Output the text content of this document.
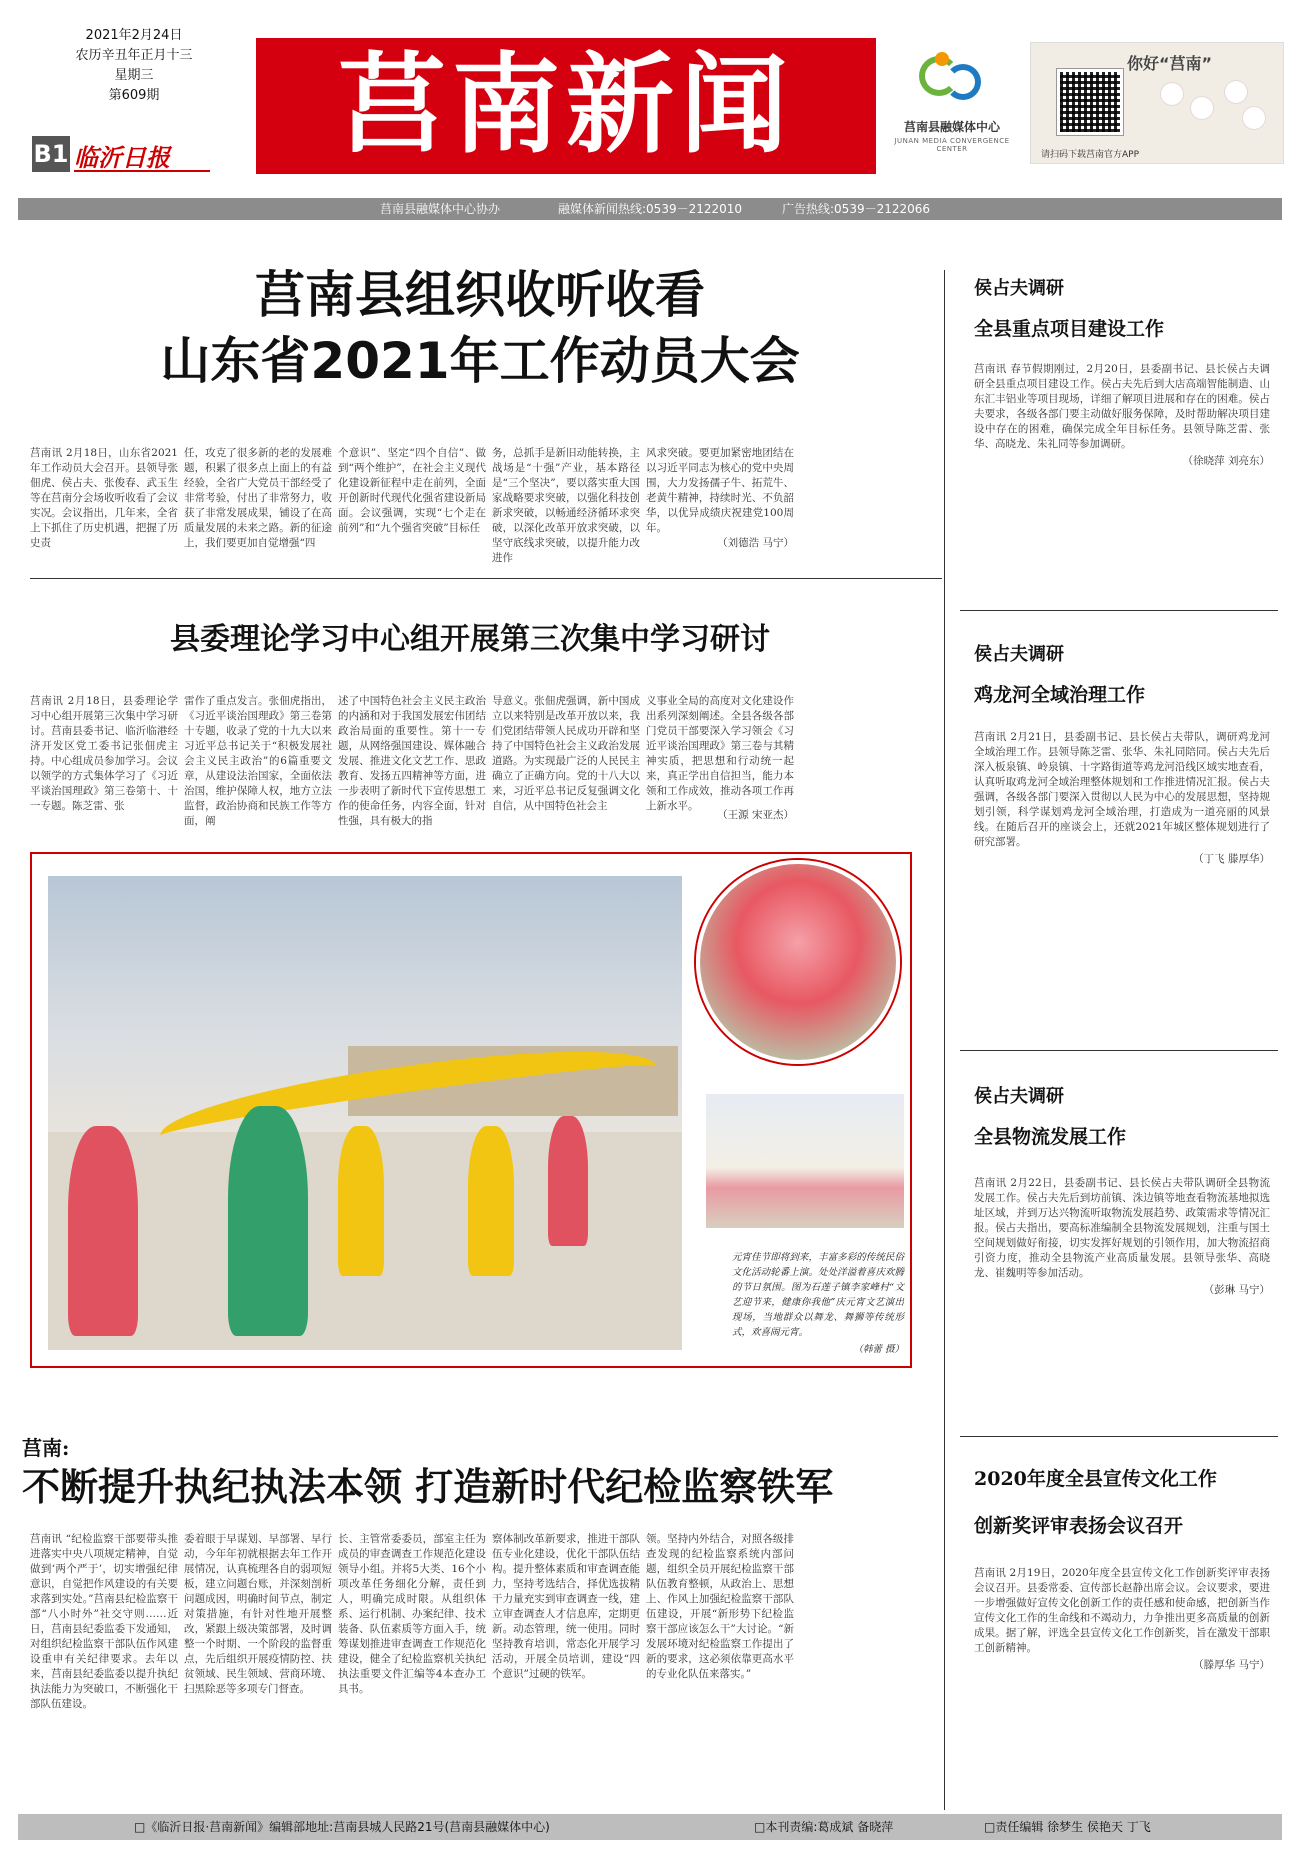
2021年2月24日
农历辛丑年正月十三
星期三
第609期
B1 临沂日报	莒南新闻	莒南县融媒体中心
JUNAN MEDIA CONVERGENCE CENTER
你好“莒南”
请扫码下载莒南官方APP
莒南县融媒体中心协办	融媒体新闻热线:0539－2122010	广告热线:0539－2122066
莒南县组织收听收看
山东省2021年工作动员大会
莒南讯 2月18日，山东省2021年工作动员大会召开。县领导张佃虎、侯占夫、张俊春、武玉生等在莒南分会场收听收看了会议实况。会议指出，几年来，全省上下抓住了历史机遇，把握了历史责
任，攻克了很多新的老的发展难题，积累了很多点上面上的有益经验，全省广大党员干部经受了非常考验，付出了非常努力，收获了非常发展成果，铺设了在高质量发展的未来之路。新的征途上，我们要更加自觉增强“四
个意识”、坚定“四个自信”、做到“两个维护”，在社会主义现代化建设新征程中走在前列，全面开创新时代现代化强省建设新局面。会议强调，实现“七个走在前列”和“九个强省突破”目标任
务，总抓手是新旧动能转换，主战场是“十强”产业，基本路径是“三个坚决”，要以落实重大国家战略要求突破，以强化科技创新求突破，以畅通经济循环求突破，以深化改革开放求突破，以坚守底线求突破，以提升能力改进作
风求突破。要更加紧密地团结在以习近平同志为核心的党中央周围，大力发扬孺子牛、拓荒牛、老黄牛精神，持续时光、不负韶华，以优异成绩庆祝建党100周年。
（刘德浩 马宁）
县委理论学习中心组开展第三次集中学习研讨
莒南讯 2月18日，县委理论学习中心组开展第三次集中学习研讨。莒南县委书记、临沂临港经济开发区党工委书记张佃虎主持。中心组成员参加学习。会议以领学的方式集体学习了《习近平谈治国理政》第三卷第十、十一专题。陈芝雷、张
雷作了重点发言。张佃虎指出，《习近平谈治国理政》第三卷第十专题，收录了党的十九大以来习近平总书记关于“积极发展社会主义民主政治”的6篇重要文章，从建设法治国家，全面依法治国，维护保障人权，地方立法监督，政治协商和民族工作等方面，阐
述了中国特色社会主义民主政治的内涵和对于我国发展宏伟团结政治局面的重要性。第十一专题，从网络强国建设、媒体融合发展、推进文化文艺工作、思政教育、发扬五四精神等方面，进一步表明了新时代下宣传思想工作的使命任务，内容全面，针对性强，具有极大的指
导意义。张佃虎强调，新中国成立以来特别是改革开放以来，我们党团结带领人民成功开辟和坚持了中国特色社会主义政治发展道路。为实现最广泛的人民民主确立了正确方向。党的十八大以来，习近平总书记反复强调文化自信，从中国特色社会主
义事业全局的高度对文化建设作出系列深刻阐述。全县各级各部门党员干部要深入学习领会《习近平谈治国理政》第三卷与其精神实质，把思想和行动统一起来，真正学出自信担当，能力本领和工作成效，推动各项工作再上新水平。
（王源 宋亚杰）
元宵佳节即将到来，丰富多彩的传统民俗文化活动轮番上演。处处洋溢着喜庆欢腾的节日氛围。图为石莲子镇李家峰村“文艺迎节来，健康你我他”庆元宵文艺演出现场，当地群众以舞龙、舞狮等传统形式，欢喜闹元宵。
（韩蕾 摄）
莒南:
不断提升执纪执法本领 打造新时代纪检监察铁军
莒南讯 “纪检监察干部要带头推进落实中央八项规定精神，自觉做到‘两个严于’，切实增强纪律意识，自觉把作风建设的有关要求落到实处。”莒南县纪检监察干部“八小时外”社交守则……近日，莒南县纪委监委下发通知，对组织纪检监察干部队伍作风建设重申有关纪律要求。去年以来，莒南县纪委监委以提升执纪执法能力为突破口，不断强化干部队伍建设。
委着眼于早谋划、早部署、早行动，今年年初就根据去年工作开展情况，认真梳理各自的弱项短板，建立问题台账，并深刻剖析问题成因，明确时间节点，制定对策措施，有针对性地开展整改，紧跟上级决策部署，及时调整一个时期、一个阶段的监督重点，先后组织开展疫情防控、扶贫领域、民生领域、营商环境、扫黑除恶等多项专门督查。
长、主管常委委员，部室主任为成员的审查调查工作规范化建设领导小组。并将5大类、16个小项改革任务细化分解，责任到人，明确完成时限。从组织体系、运行机制、办案纪律、技术装备、队伍素质等方面入手，统筹谋划推进审查调查工作规范化建设，健全了纪检监察机关执纪执法重要文件汇编等4本查办工具书。
察体制改革新要求，推进干部队伍专业化建设，优化干部队伍结构。提升整体素质和审查调查能力，坚持考选结合，择优选拔精干力量充实到审查调查一线，建立审查调查人才信息库，定期更新。动态管理，统一使用。同时坚持教育培训，常态化开展学习活动，开展全员培训，建设“四个意识”过硬的铁军。
领。坚持内外结合，对照各级排查发现的纪检监察系统内部问题，组织全员开展纪检监察干部队伍教育整顿，从政治上、思想上、作风上加强纪检监察干部队伍建设，开展“新形势下纪检监察干部应该怎么干”大讨论。“新发展环境对纪检监察工作提出了新的要求，这必须依靠更高水平的专业化队伍来落实。”
侯占夫调研
全县重点项目建设工作
莒南讯 春节假期刚过，2月20日，县委副书记、县长侯占夫调研全县重点项目建设工作。侯占夫先后到大店高端智能制造、山东汇丰铝业等项目现场，详细了解项目进展和存在的困难。侯占夫要求，各级各部门要主动做好服务保障，及时帮助解决项目建设中存在的困难，确保完成全年目标任务。县领导陈芝雷、张华、高晓龙、朱礼同等参加调研。
（徐晓萍 刘亮东）
侯占夫调研
鸡龙河全域治理工作
莒南讯 2月21日，县委副书记、县长侯占夫带队，调研鸡龙河全域治理工作。县领导陈芝雷、张华、朱礼同陪同。侯占夫先后深入板泉镇、岭泉镇、十字路街道等鸡龙河沿线区域实地查看，认真听取鸡龙河全域治理整体规划和工作推进情况汇报。侯占夫强调，各级各部门要深入贯彻以人民为中心的发展思想，坚持规划引领，科学谋划鸡龙河全域治理，打造成为一道亮丽的风景线。在随后召开的座谈会上，还就2021年城区整体规划进行了研究部署。
（丁飞 滕厚华）
侯占夫调研
全县物流发展工作
莒南讯 2月22日，县委副书记、县长侯占夫带队调研全县物流发展工作。侯占夫先后到坊前镇、洙边镇等地查看物流基地拟选址区域，并到万达兴物流听取物流发展趋势、政策需求等情况汇报。侯占夫指出，要高标准编制全县物流发展规划，注重与国土空间规划做好衔接，切实发挥好规划的引领作用，加大物流招商引资力度，推动全县物流产业高质量发展。县领导张华、高晓龙、崔魏明等参加活动。
（彭琳 马宁）
2020年度全县宣传文化工作
创新奖评审表扬会议召开
莒南讯 2月19日，2020年度全县宣传文化工作创新奖评审表扬会议召开。县委常委、宣传部长赵静出席会议。会议要求，要进一步增强做好宣传文化创新工作的责任感和使命感，把创新当作宣传文化工作的生命线和不竭动力，力争推出更多高质量的创新成果。据了解，评选全县宣传文化工作创新奖，旨在激发干部职工创新精神。
（滕厚华 马宁）
□《临沂日报·莒南新闻》编辑部地址:莒南县城人民路21号(莒南县融媒体中心)	□本刊责编:葛成斌 备晓萍	□责任编辑 徐梦生 侯艳天 丁飞
